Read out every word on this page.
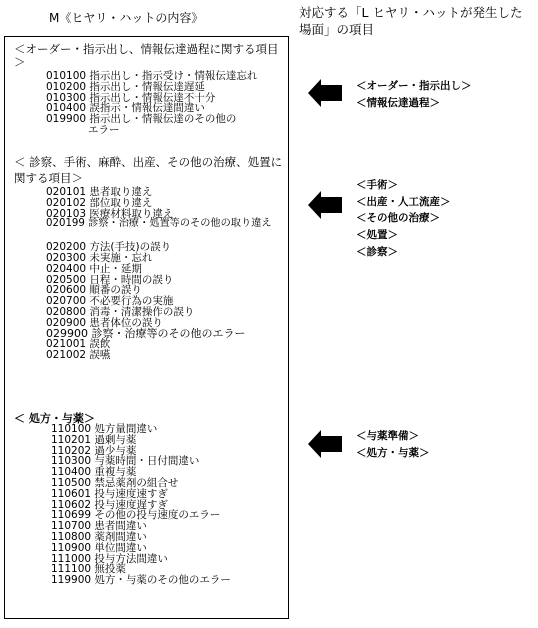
M《ヒヤリ・ハットの内容》	対応する「L ヒヤリ・ハットが発生した
場面」の項目
＜オーダー・指示出し、情報伝達過程に関する項目
＞
010100 指示出し・指示受け・情報伝達忘れ
010200 指示出し・情報伝達遅延
010300 指示出し・情報伝達不十分
010400 誤指示・情報伝達間違い
019900 指示出し・情報伝達のその他の
エラー
＜ 診察、手術、麻酔、出産、その他の治療、処置に
関する項目＞
020101 患者取り違え
020102 部位取り違え
020103 医療材料取り違え
020199 診察・治療・処置等のその他の取り違え
020200 方法(手技)の誤り
020300 未実施・忘れ
020400 中止・延期
020500 日程・時間の誤り
020600 順番の誤り
020700 不必要行為の実施
020800 消毒・清潔操作の誤り
020900 患者体位の誤り
029900 診察・治療等のその他のエラー
021001 誤飲
021002 誤嚥
＜ 処方・与薬＞
110100 処方量間違い
110201 過剰与薬
110202 過少与薬
110300 与薬時間・日付間違い
110400 重複与薬
110500 禁忌薬剤の組合せ
110601 投与速度速すぎ
110602 投与速度遅すぎ
110699 その他の投与速度のエラー
110700 患者間違い
110800 薬剤間違い
110900 単位間違い
111000 投与方法間違い
111100 無投薬
119900 処方・与薬のその他のエラー
＜オーダー・指示出し＞
＜情報伝達過程＞
＜手術＞
＜出産・人工流産＞
＜その他の治療＞
＜処置＞
＜診察＞
＜与薬準備＞
＜処方・与薬＞
